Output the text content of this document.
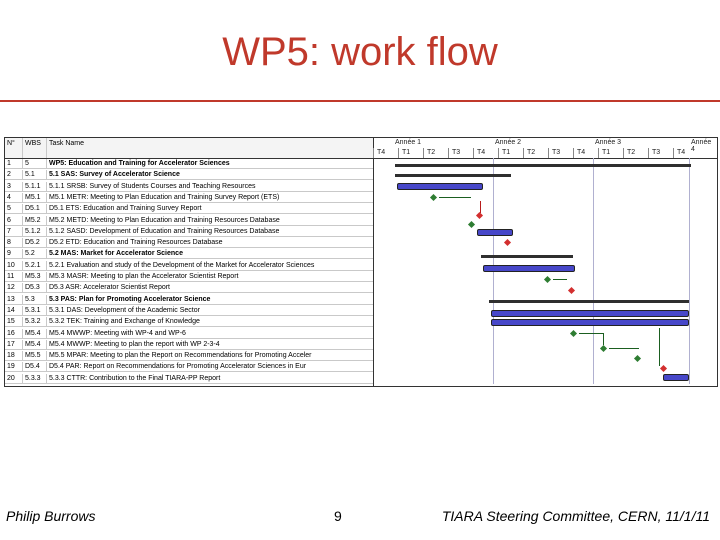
WP5: work flow
N°	WBS	Task Name
1	5	WP5: Education and Training for Accelerator Sciences
2	5.1	5.1 SAS: Survey of Accelerator Science
3	5.1.1	5.1.1 SRSB: Survey of Students Courses and Teaching Resources
4	M5.1	M5.1 METR: Meeting to Plan Education and Training Survey Report (ETS)
5	D5.1	D5.1 ETS: Education and Training Survey Report
6	M5.2	M5.2 METD: Meeting to Plan Education and Training Resources Database
7	5.1.2	5.1.2 SASD: Development of Education and Training Resources Database
8	D5.2	D5.2 ETD: Education and Training Resources Database
9	5.2	5.2 MAS: Market for Accelerator Science
10	5.2.1	5.2.1 Evaluation and study of the Development of the Market for Accelerator Sciences
11	M5.3	M5.3 MASR: Meeting to plan the Accelerator Scientist Report
12	D5.3	D5.3 ASR: Accelerator Scientist Report
13	5.3	5.3 PAS: Plan for Promoting Accelerator Science
14	5.3.1	5.3.1 DAS: Development of the Academic Sector
15	5.3.2	5.3.2 TEK: Training and Exchange of Knowledge
16	M5.4	M5.4 MWWP: Meeting with WP-4 and WP-6
17	M5.4	M5.4 MWWP: Meeting to plan the report with WP 2-3-4
18	M5.5	M5.5 MPAR: Meeting to plan the Report on Recommendations for Promoting Acceler
19	D5.4	D5.4 PAR: Report on Recommendations for Promoting Accelerator Sciences in Eur
20	5.3.3	5.3.3 CTTR: Contribution to the Final TIARA-PP Report
Année 1	Année 2	Année 3	Année 4
T4 T1 T2 T3 T4 T1 T2 T3 T4 T1 T2 T3 T4
Philip Burrows	9	TIARA Steering Committee, CERN, 11/1/11
